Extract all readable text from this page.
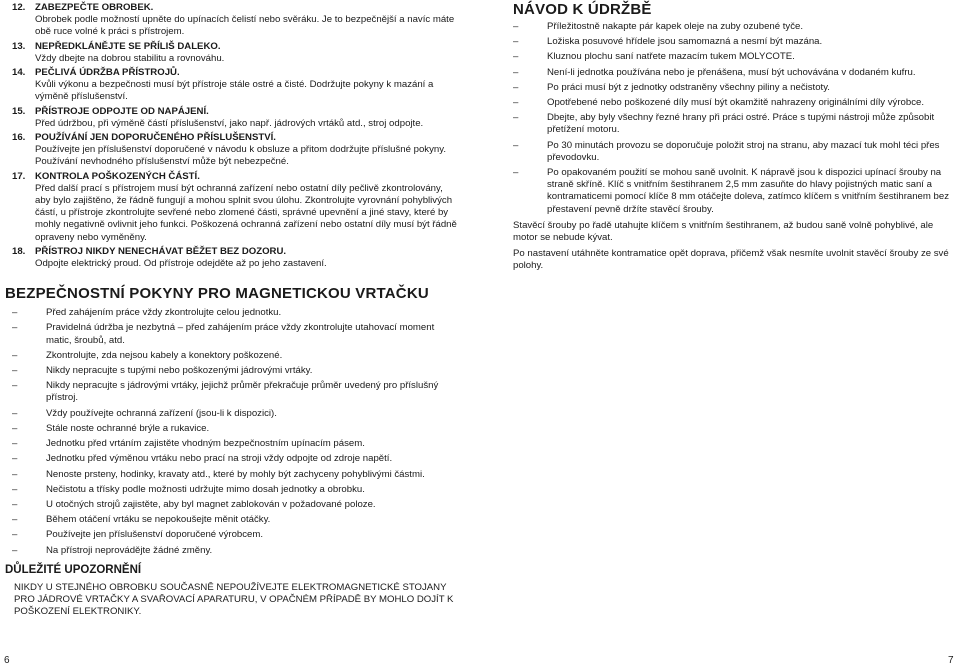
12. ZABEZPEČTE OBROBEK.
Obrobek podle možností upněte do upínacích čelistí nebo svěráku. Je to bezpečnější a navíc máte obě ruce volné k práci s přístrojem.
13. NEPŘEDKLÁNĚJTE SE PŘÍLIŠ DALEKO.
Vždy dbejte na dobrou stabilitu a rovnováhu.
14. PEČLIVÁ ÚDRŽBA PŘÍSTROJŮ.
Kvůli výkonu a bezpečnosti musí být přístroje stále ostré a čisté. Dodržujte pokyny k mazání a výměně příslušenství.
15. PŘÍSTROJE ODPOJTE OD NAPÁJENÍ.
Před údržbou, při výměně částí příslušenství, jako např. jádrových vrtáků atd., stroj odpojte.
16. POUŽÍVÁNÍ JEN DOPORUČENÉHO PŘÍSLUŠENSTVÍ.
Používejte jen příslušenství doporučené v návodu k obsluze a přitom dodržujte příslušné pokyny. Používání nevhodného příslušenství může být nebezpečné.
17. KONTROLA POŠKOZENÝCH ČÁSTÍ.
Před další prací s přístrojem musí být ochranná zařízení nebo ostatní díly pečlivě zkontrolovány, aby bylo zajištěno, že řádně fungují a mohou splnit svou úlohu. Zkontrolujte vyrovnání pohyblivých částí, u přístroje zkontrolujte sevřené nebo zlomené části, správné upevnění a jiné stavy, které by mohly negativně ovlivnit jeho funkci. Poškozená ochranná zařízení nebo ostatní díly musí být řádně opraveny nebo vyměněny.
18. PŘÍSTROJ NIKDY NENECHÁVAT BĚŽET BEZ DOZORU.
Odpojte elektrický proud. Od přístroje odejděte až po jeho zastavení.
BEZPEČNOSTNÍ POKYNY PRO MAGNETICKOU VRTAČKU
–	Před zahájením práce vždy zkontrolujte celou jednotku.
–	Pravidelná údržba je nezbytná – před zahájením práce vždy zkontrolujte utahovací moment matic, šroubů, atd.
–	Zkontrolujte, zda nejsou kabely a konektory poškozené.
–	Nikdy nepracujte s tupými nebo poškozenými jádrovými vrtáky.
–	Nikdy nepracujte s jádrovými vrtáky, jejichž průměr překračuje průměr uvedený pro příslušný přístroj.
–	Vždy používejte ochranná zařízení (jsou-li k dispozici).
–	Stále noste ochranné brýle a rukavice.
–	Jednotku před vrtáním zajistěte vhodným bezpečnostním upínacím pásem.
–	Jednotku před výměnou vrtáku nebo prací na stroji vždy odpojte od zdroje napětí.
–	Nenoste prsteny, hodinky, kravaty atd., které by mohly být zachyceny pohyblivými částmi.
–	Nečistotu a třísky podle možnosti udržujte mimo dosah jednotky a obrobku.
–	U otočných strojů zajistěte, aby byl magnet zablokován v požadované poloze.
–	Během otáčení vrtáku se nepokoušejte měnit otáčky.
–	Používejte jen příslušenství doporučené výrobcem.
–	Na přístroji neprovádějte žádné změny.
DŮLEŽITÉ UPOZORNĚNÍ

NIKDY U STEJNÉHO OBROBKU SOUČASNĚ NEPOUŽÍVEJTE ELEKTROMAGNETICKÉ STOJANY PRO JÁDROVÉ VRTAČKY A SVAŘOVACÍ APARATURU, V OPAČNÉM PŘÍPADĚ BY MOHLO DOJÍT K POŠKOZENÍ ELEKTRONIKY.

NÁVOD K ÚDRŽBĚ
–	Příležitostně nakapte pár kapek oleje na zuby ozubené tyče.
–	Ložiska posuvové hřídele jsou samomazná a nesmí být mazána.
–	Kluznou plochu saní natřete mazacím tukem MOLYCOTE.
–	Není-li jednotka používána nebo je přenášena, musí být uchovávána v dodaném kufru.
–	Po práci musí být z jednotky odstraněny všechny piliny a nečistoty.
–	Opotřebené nebo poškozené díly musí být okamžitě nahrazeny originálními díly výrobce.
–	Dbejte, aby byly všechny řezné hrany při práci ostré. Práce s tupými nástroji může způsobit přetížení motoru.
–	Po 30 minutách provozu se doporučuje položit stroj na stranu, aby mazací tuk mohl téci přes převodovku.
–	Po opakovaném použití se mohou saně uvolnit. K nápravě jsou k dispozici upínací šrouby na straně skříně. Klíč s vnitřním šestihranem 2,5 mm zasuňte do hlavy pojistných matic saní a kontramaticemi pomocí klíče 8 mm otáčejte doleva, zatímco klíčem s vnitřním šestihranem bez přestavení pevně držíte stavěcí šrouby.

Stavěcí šrouby po řadě utahujte klíčem s vnitřním šestihranem, až budou saně volně pohyblivé, ale motor se nebude kývat.

Po nastavení utáhněte kontramatice opět doprava, přičemž však nesmíte uvolnit stavěcí šrouby ze své polohy.

6	7
